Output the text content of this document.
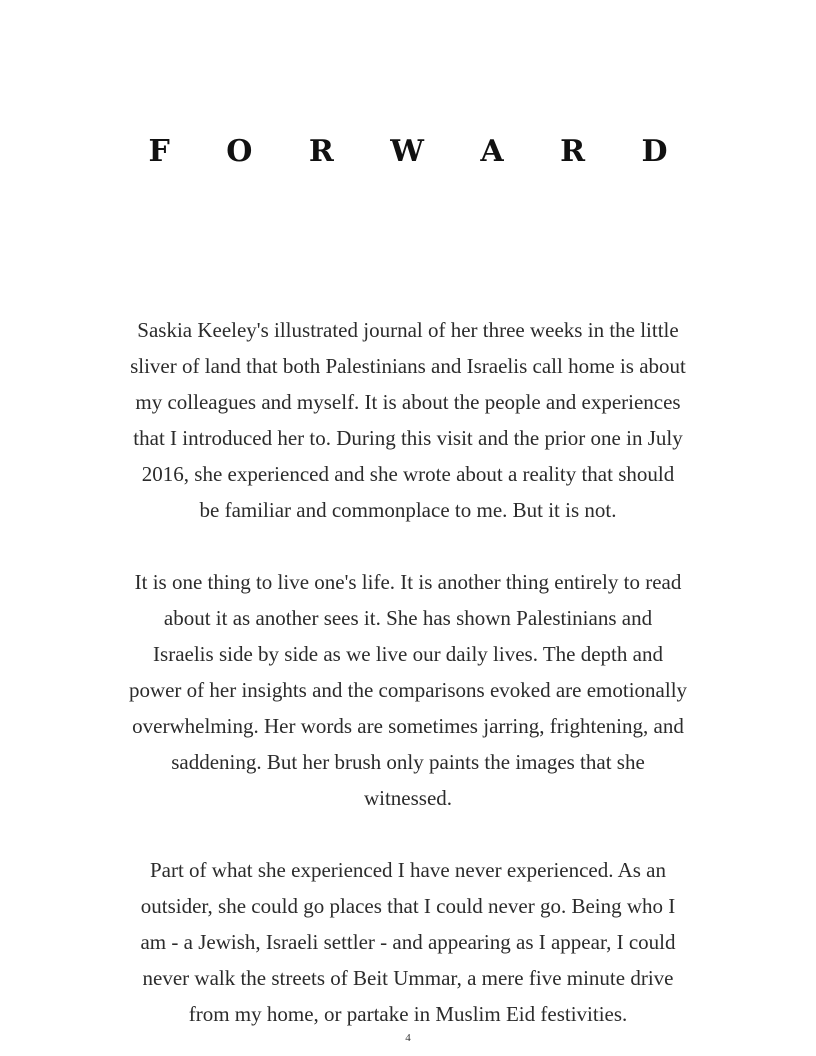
F O R W A R D
Saskia Keeley's illustrated journal of her three weeks in the little
sliver of land that both Palestinians and Israelis call home is about
my colleagues and myself. It is about the people and experiences
that I introduced her to. During this visit and the prior one in July
2016, she experienced and she wrote about a reality that should
be familiar and commonplace to me. But it is not.
It is one thing to live one's life. It is another thing entirely to read
about it as another sees it. She has shown Palestinians and
Israelis side by side as we live our daily lives. The depth and
power of her insights and the comparisons evoked are emotionally
overwhelming. Her words are sometimes jarring, frightening, and
saddening. But her brush only paints the images that she
witnessed.
Part of what she experienced I have never experienced. As an
outsider, she could go places that I could never go. Being who I
am - a Jewish, Israeli settler - and appearing as I appear, I could
never walk the streets of Beit Ummar, a mere five minute drive
from my home, or partake in Muslim Eid festivities.
4
